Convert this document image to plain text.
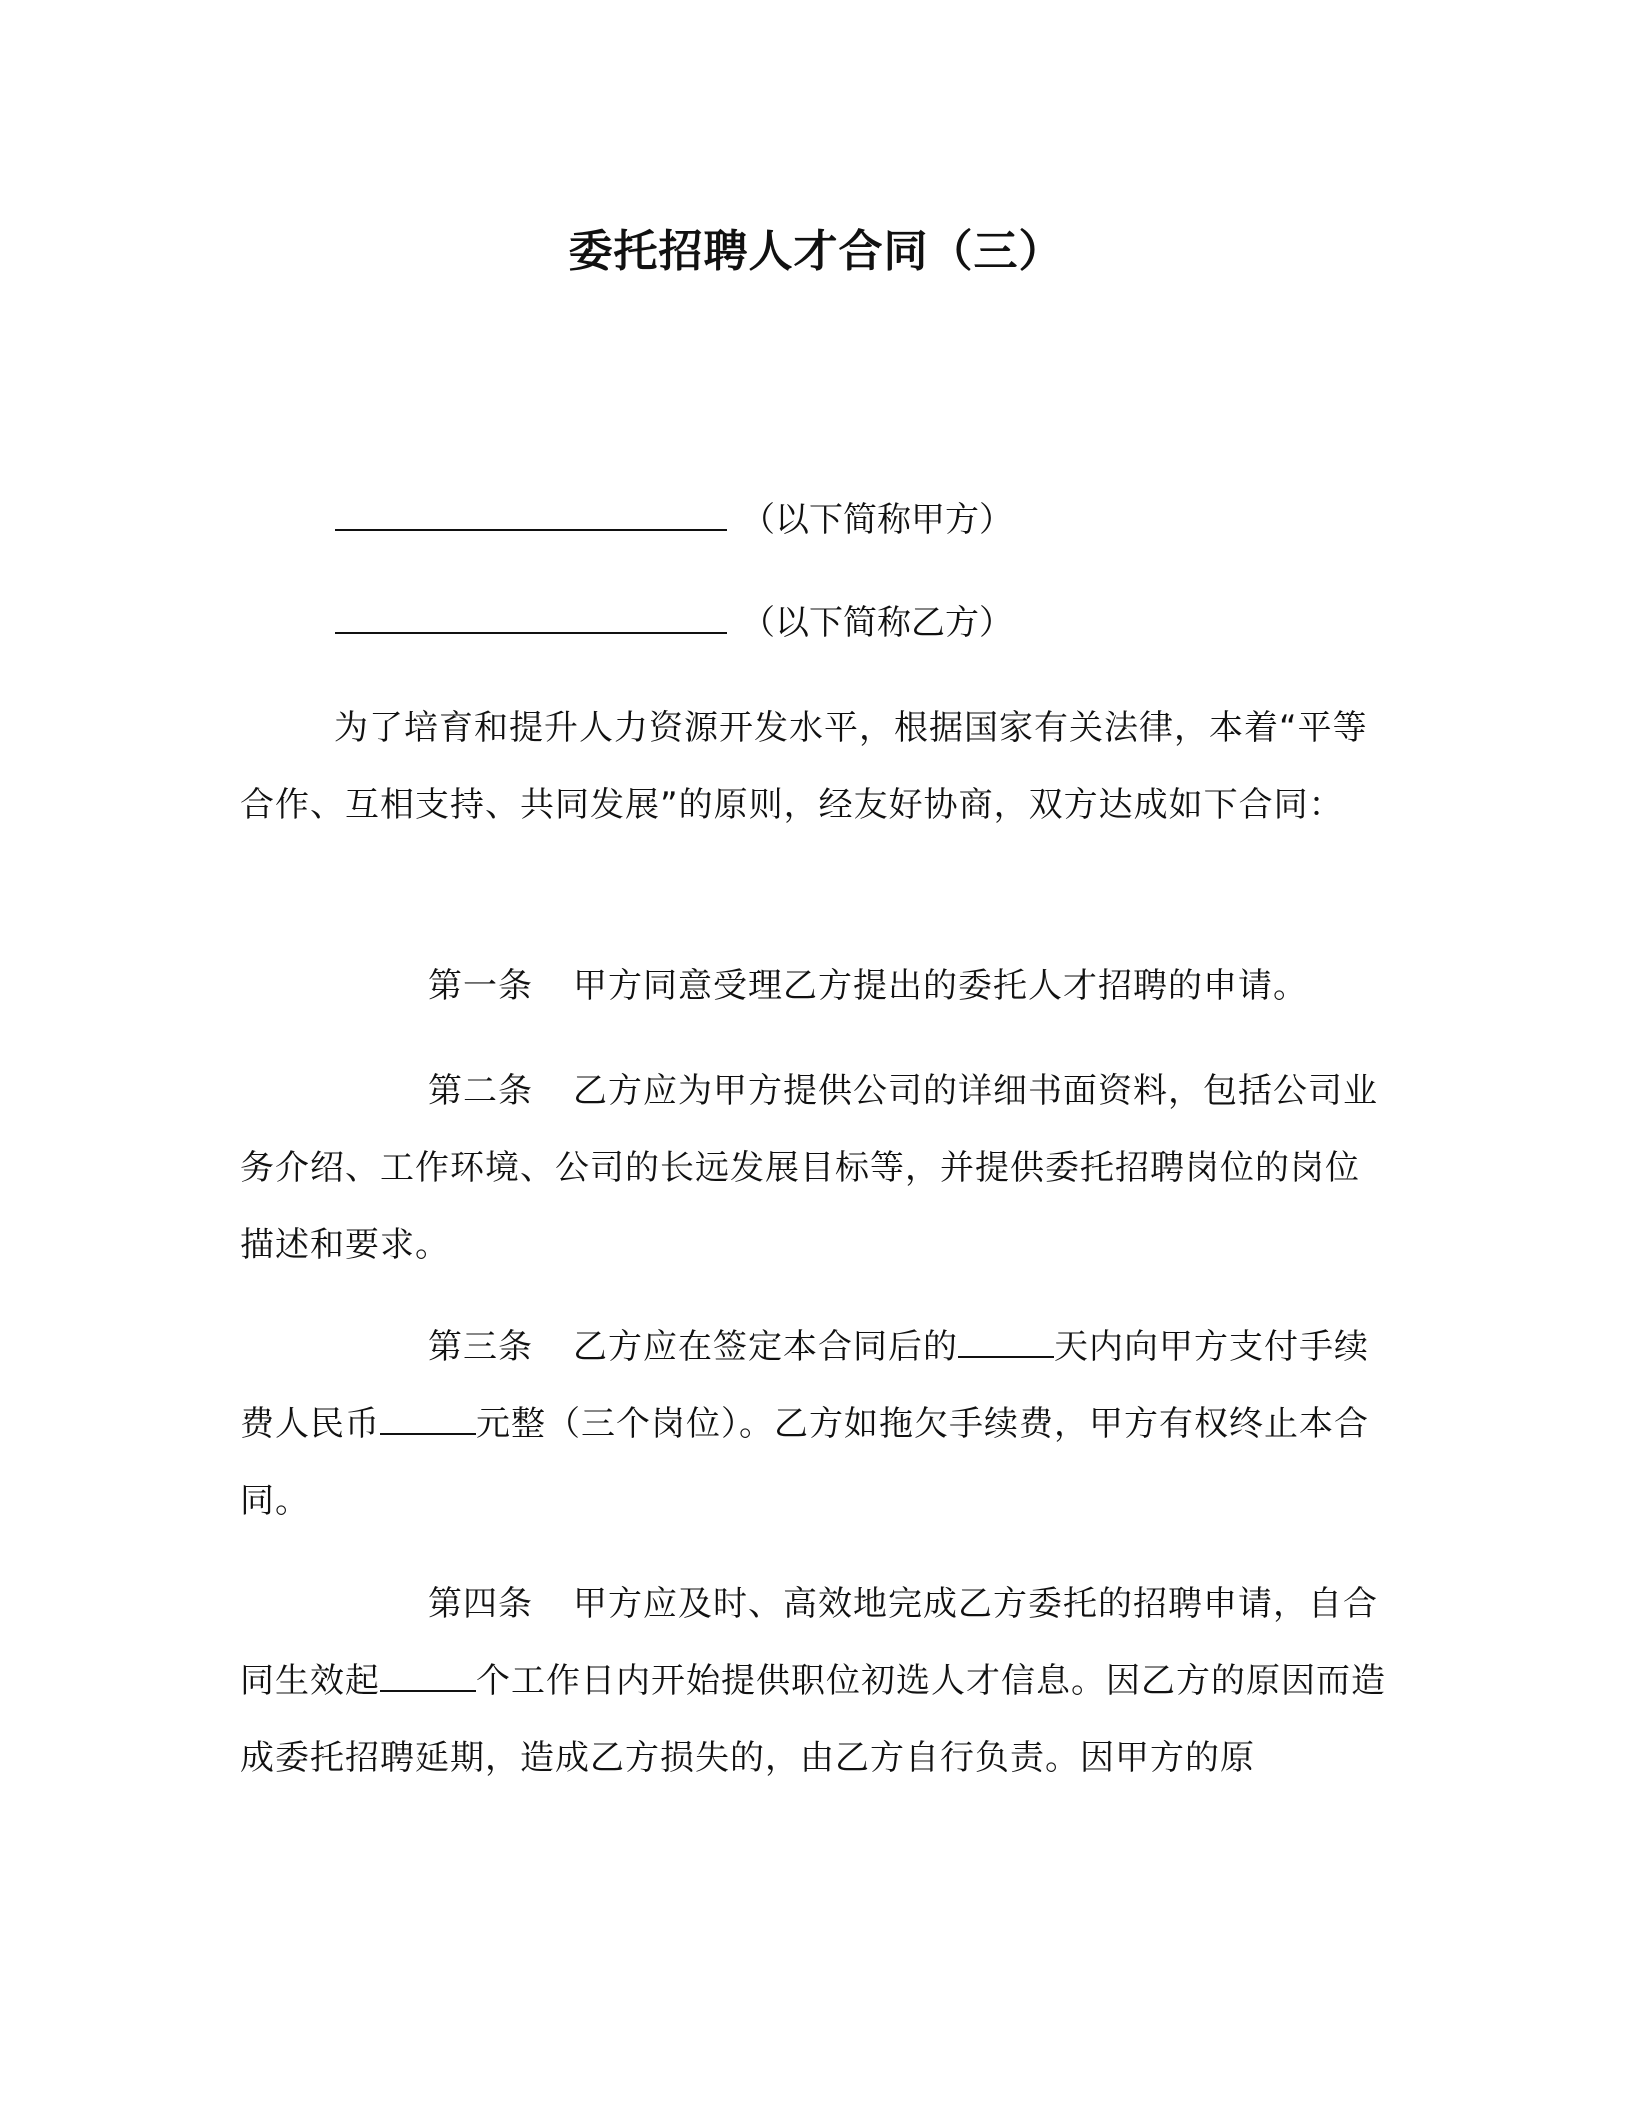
委托招聘人才合同（三）
（以下简称甲方）
（以下简称乙方）

为了培育和提升人力资源开发水平，根据国家有关法律，本着“平等合作、互相支持、共同发展”的原则，经友好协商，双方达成如下合同：

第一条 甲方同意受理乙方提出的委托人才招聘的申请。

第二条 乙方应为甲方提供公司的详细书面资料，包括公司业务介绍、工作环境、公司的长远发展目标等，并提供委托招聘岗位的岗位描述和要求。

第三条 乙方应在签定本合同后的	天内向甲方支付手续费人民币	元整（三个岗位）。乙方如拖欠手续费，甲方有权终止本合同。

第四条 甲方应及时、高效地完成乙方委托的招聘申请，自合同生效起	个工作日内开始提供职位初选人才信息。因乙方的原因而造成委托招聘延期，造成乙方损失的，由乙方自行负责。因甲方的原
